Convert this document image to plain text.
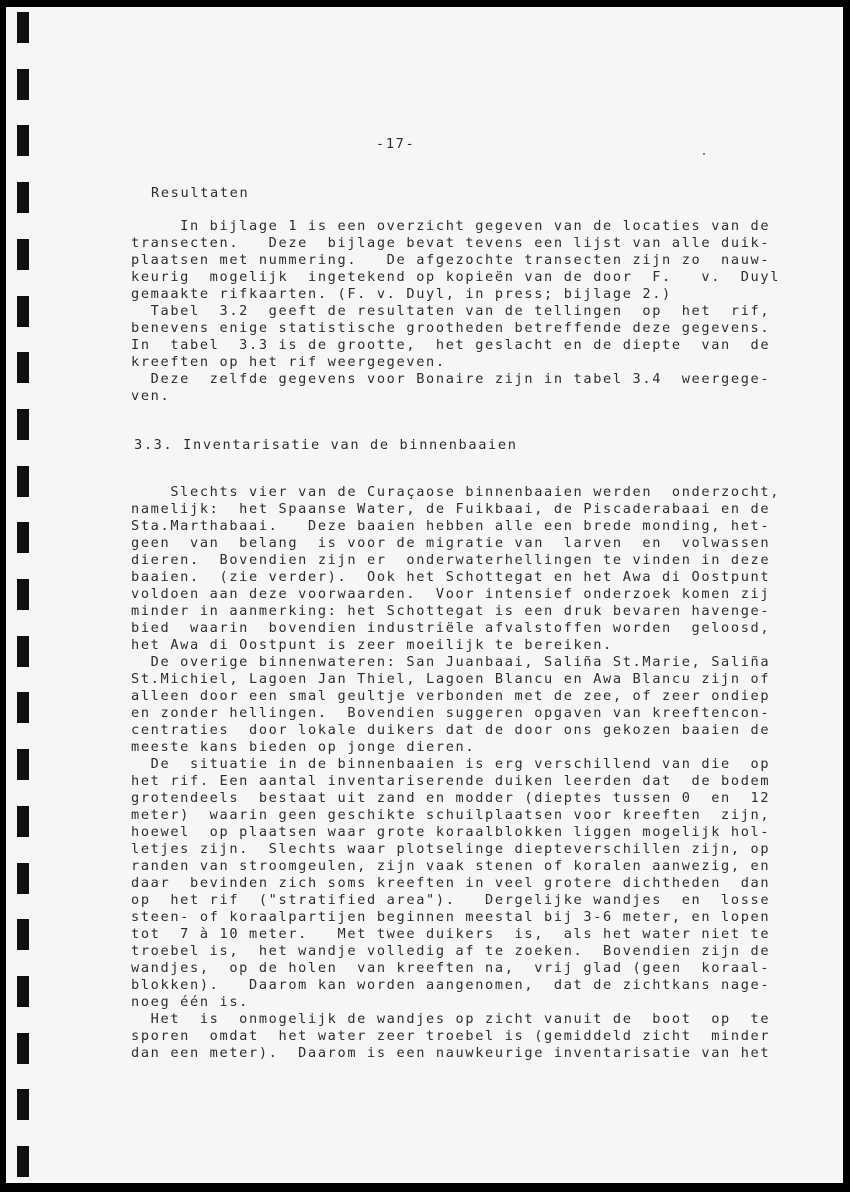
-17-
Resultaten
In bijlage 1 is een overzicht gegeven van de locaties van de
transecten.   Deze  bijlage bevat tevens een lijst van alle duik-
plaatsen met nummering.   De afgezochte transecten zijn zo  nauw-
keurig  mogelijk  ingetekend op kopieën van de door  F.   v.  Duyl
gemaakte rifkaarten. (F. v. Duyl, in press; bijlage 2.)
Tabel  3.2  geeft de resultaten van de tellingen  op  het  rif,
benevens enige statistische grootheden betreffende deze gegevens.
In  tabel  3.3 is de grootte,  het geslacht en de diepte  van  de
kreeften op het rif weergegeven.
Deze  zelfde gegevens voor Bonaire zijn in tabel 3.4  weergege-
ven.
3.3. Inventarisatie van de binnenbaaien
Slechts vier van de Curaçaose binnenbaaien werden  onderzocht,
namelijk:  het Spaanse Water, de Fuikbaai, de Piscaderabaai en de
Sta.Marthabaai.   Deze baaien hebben alle een brede monding, het-
geen  van  belang  is voor de migratie van  larven  en  volwassen
dieren.  Bovendien zijn er  onderwaterhellingen te vinden in deze
baaien.  (zie verder).  Ook het Schottegat en het Awa di Oostpunt
voldoen aan deze voorwaarden.  Voor intensief onderzoek komen zij
minder in aanmerking: het Schottegat is een druk bevaren havenge-
bied  waarin  bovendien industriële afvalstoffen worden  geloosd,
het Awa di Oostpunt is zeer moeilijk te bereiken.
De overige binnenwateren: San Juanbaai, Saliña St.Marie, Saliña
St.Michiel, Lagoen Jan Thiel, Lagoen Blancu en Awa Blancu zijn of
alleen door een smal geultje verbonden met de zee, of zeer ondiep
en zonder hellingen.  Bovendien suggeren opgaven van kreeftencon-
centraties  door lokale duikers dat de door ons gekozen baaien de
meeste kans bieden op jonge dieren.
De  situatie in de binnenbaaien is erg verschillend van die  op
het rif. Een aantal inventariserende duiken leerden dat  de bodem
grotendeels  bestaat uit zand en modder (dieptes tussen 0  en  12
meter)  waarin geen geschikte schuilplaatsen voor kreeften  zijn,
hoewel  op plaatsen waar grote koraalblokken liggen mogelijk hol-
letjes zijn.  Slechts waar plotselinge diepteverschillen zijn, op
randen van stroomgeulen, zijn vaak stenen of koralen aanwezig, en
daar  bevinden zich soms kreeften in veel grotere dichtheden  dan
op  het rif  ("stratified area").   Dergelijke wandjes  en  losse
steen- of koraalpartijen beginnen meestal bij 3-6 meter, en lopen
tot  7 à 10 meter.   Met twee duikers  is,  als het water niet te
troebel is,  het wandje volledig af te zoeken.  Bovendien zijn de
wandjes,  op de holen  van kreeften na,  vrij glad (geen  koraal-
blokken).   Daarom kan worden aangenomen,  dat de zichtkans nage-
noeg één is.
Het  is  onmogelijk de wandjes op zicht vanuit de  boot  op  te
sporen  omdat  het water zeer troebel is (gemiddeld zicht  minder
dan een meter).  Daarom is een nauwkeurige inventarisatie van het
